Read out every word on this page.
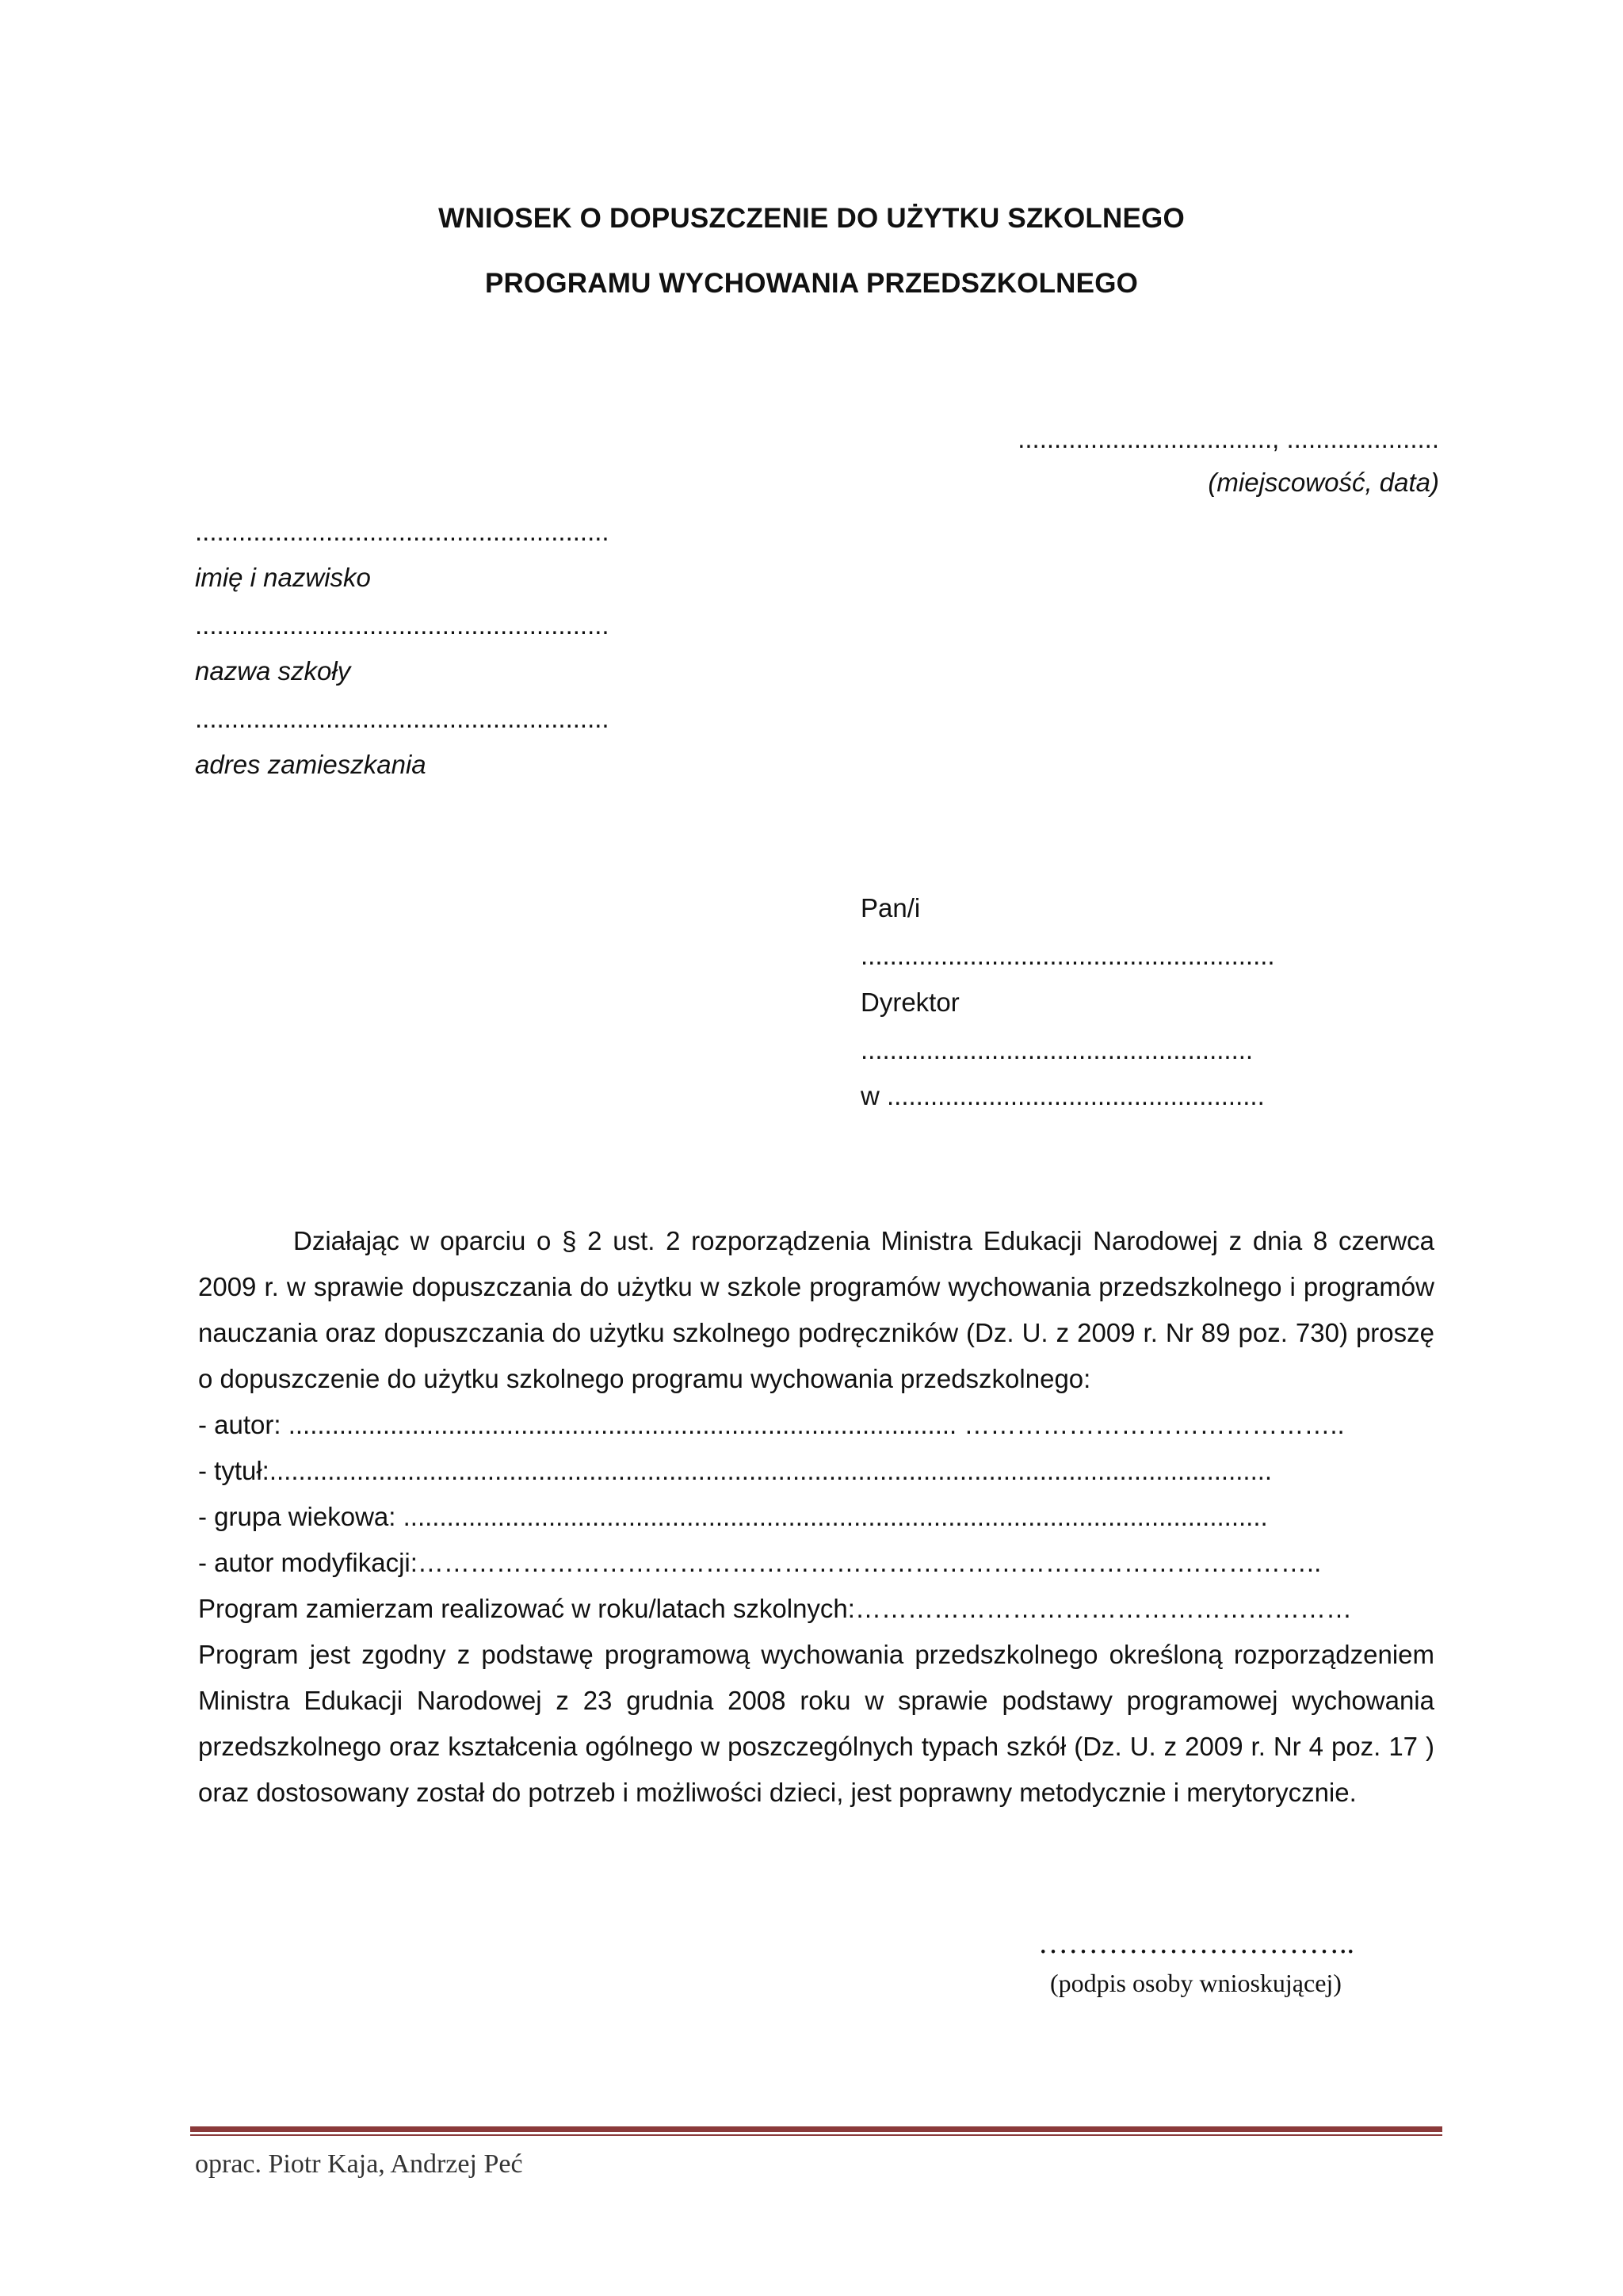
WNIOSEK O DOPUSZCZENIE DO UŻYTKU SZKOLNEGO
PROGRAMU WYCHOWANIA PRZEDSZKOLNEGO
..................................., .....................
(miejscowość, data)
.........................................................
imię i nazwisko
.........................................................
nazwa szkoły
.........................................................
adres zamieszkania
Pan/i
.........................................................
Dyrektor
......................................................
w ....................................................

Działając w oparciu o § 2 ust. 2 rozporządzenia Ministra Edukacji Narodowej z dnia 8 czerwca 2009 r. w sprawie dopuszczania do użytku w szkole programów wychowania przedszkolnego i programów nauczania oraz dopuszczania do użytku szkolnego podręczników (Dz. U. z 2009 r. Nr 89 poz. 730) proszę o dopuszczenie do użytku szkolnego programu wychowania przedszkolnego:

- autor: ............................................................................................ ……………………………………..
- tytuł:..........................................................................................................................................
- grupa wiekowa: .......................................................................................................................
- autor modyfikacji:…………………………………………………………………………………………..
Program zamierzam realizować w roku/latach szkolnych:…………………………………………………

Program jest zgodny z podstawę programową wychowania przedszkolnego określoną rozporządzeniem Ministra Edukacji Narodowej z 23 grudnia 2008 roku w sprawie podstawy programowej wychowania przedszkolnego oraz kształcenia ogólnego w poszczególnych typach szkół (Dz. U. z 2009 r. Nr 4 poz. 17 ) oraz dostosowany został do potrzeb i możliwości dzieci, jest poprawny metodycznie i merytorycznie.

…………………………..
(podpis osoby wnioskującej)
oprac. Piotr Kaja, Andrzej Peć
